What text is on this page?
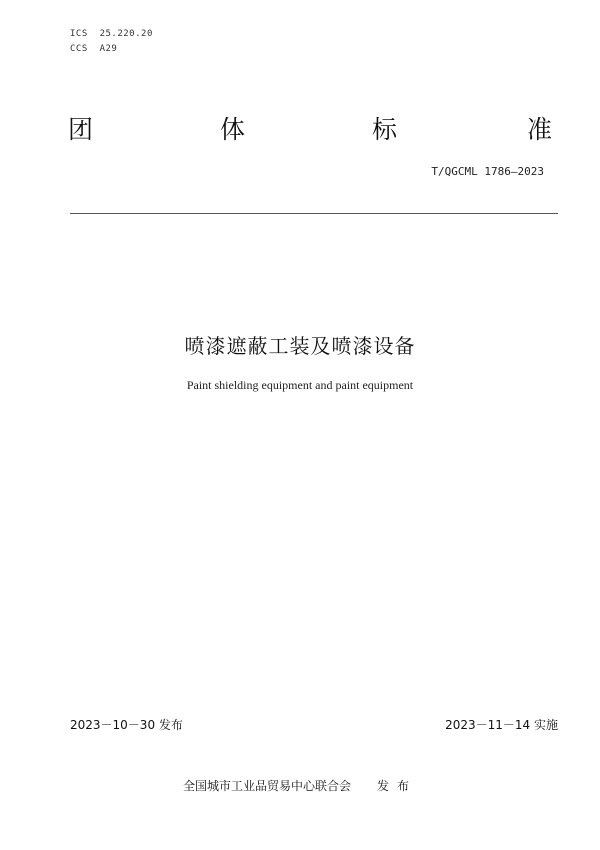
ICS  25.220.20
CCS  A29
团	体	标	准
T/QGCML 1786—2023
喷漆遮蔽工装及喷漆设备
Paint shielding equipment and paint equipment
2023－10－30 发布	2023－11－14 实施
全国城市工业品贸易中心联合会 发布
